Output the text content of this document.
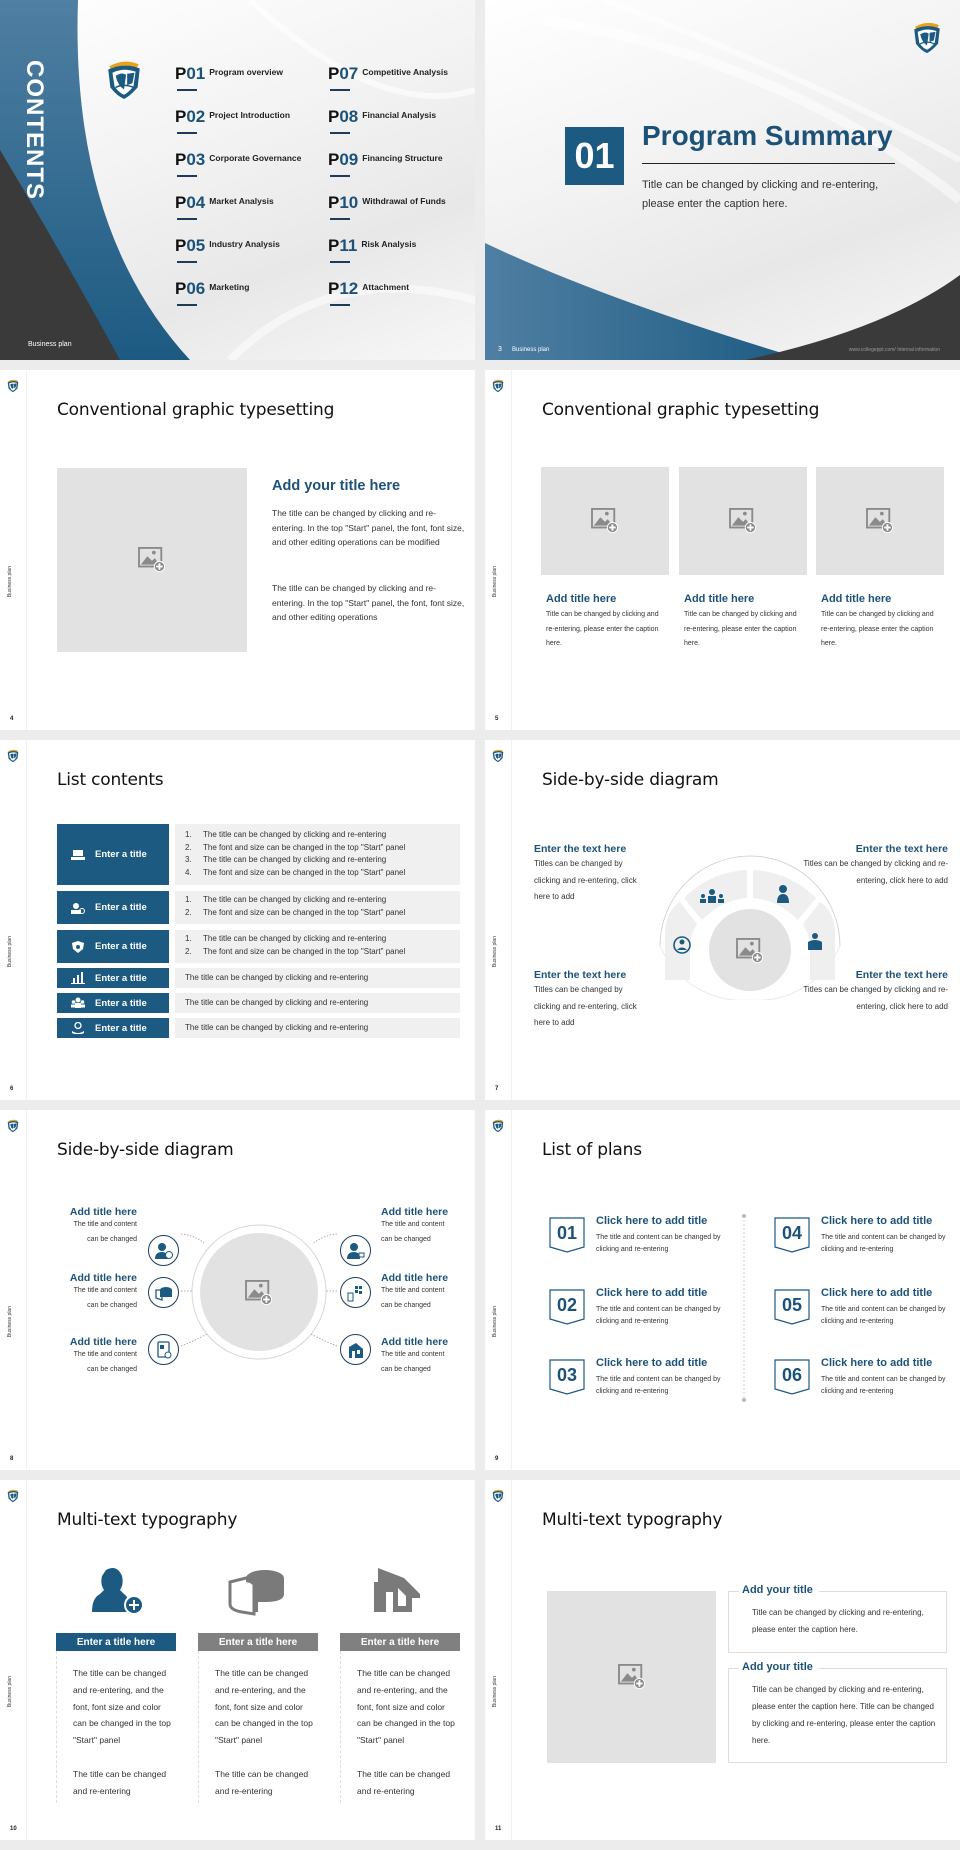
CONTENTS	P01 Program overview	P07 Competitive Analysis
P02 Project Introduction P08 Financial Analysis
P03 Corporate Governance P09 Financing Structure
P04 Market Analysis	P10 Withdrawal of Funds
P05 Industry Analysis	P11 Risk Analysis
P06 Marketing	P12 Attachment
Business plan
01 Program Summary
Title can be changed by clicking and re-entering, please enter the caption here.
3 Business plan	www.collegeppt.com/ Internal information
Business plan
4
Conventional graphic typesetting
Add your title here

The title can be changed by clicking and re-entering. In the top "Start" panel, the font, font size, and other editing operations can be modified

The title can be changed by clicking and re-entering. In the top "Start" panel, the font, font size, and other editing operations

Business plan
5
Conventional graphic typesetting
Add title here

Title can be changed by clicking and re-entering, please enter the caption here.

Add title here

Title can be changed by clicking and re-entering, please enter the caption here.

Add title here

Title can be changed by clicking and re-entering, please enter the caption here.

Business plan
6
List contents
Enter a title
1. The title can be changed by clicking and re-entering
2. The font and size can be changed in the top "Start" panel
3. The title can be changed by clicking and re-entering
4. The font and size can be changed in the top "Start" panel
Enter a title
1. The title can be changed by clicking and re-entering
2. The font and size can be changed in the top "Start" panel
Enter a title
1. The title can be changed by clicking and re-entering
2. The font and size can be changed in the top "Start" panel
Enter a title	The title can be changed by clicking and re-entering
Enter a title	The title can be changed by clicking and re-entering
Enter a title	The title can be changed by clicking and re-entering
Business plan
7
Side-by-side diagram
Enter the text here

Titles can be changed by clicking and re-entering, click here to add

Enter the text here

Titles can be changed by clicking and re-entering, click here to add

Enter the text here

Titles can be changed by clicking and re-entering, click here to add

Enter the text here

Titles can be changed by clicking and re-entering, click here to add

Business plan
8
Side-by-side diagram
Add title here

The title and content can be changed

Add title here

The title and content can be changed

Add title here

The title and content can be changed

Add title here

The title and content can be changed

Add title here

The title and content can be changed

Add title here

The title and content can be changed

Business plan
9
List of plans
01
Click here to add title

The title and content can be changed by clicking and re-entering

02
Click here to add title

The title and content can be changed by clicking and re-entering

03
Click here to add title

The title and content can be changed by clicking and re-entering

04
Click here to add title

The title and content can be changed by clicking and re-entering

05
Click here to add title

The title and content can be changed by clicking and re-entering

06
Click here to add title

The title and content can be changed by clicking and re-entering

Business plan
10
Multi-text typography
Enter a title here

The title can be changed and re-entering, and the font, font size and color can be changed in the top "Start" panel

The title can be changed and re-entering

Enter a title here

The title can be changed and re-entering, and the font, font size and color can be changed in the top "Start" panel

The title can be changed and re-entering

Enter a title here

The title can be changed and re-entering, and the font, font size and color can be changed in the top "Start" panel

The title can be changed and re-entering

Business plan
11
Multi-text typography
Add your title

Title can be changed by clicking and re-entering, please enter the caption here.

Add your title

Title can be changed by clicking and re-entering, please enter the caption here. Title can be changed by clicking and re-entering, please enter the caption here.
